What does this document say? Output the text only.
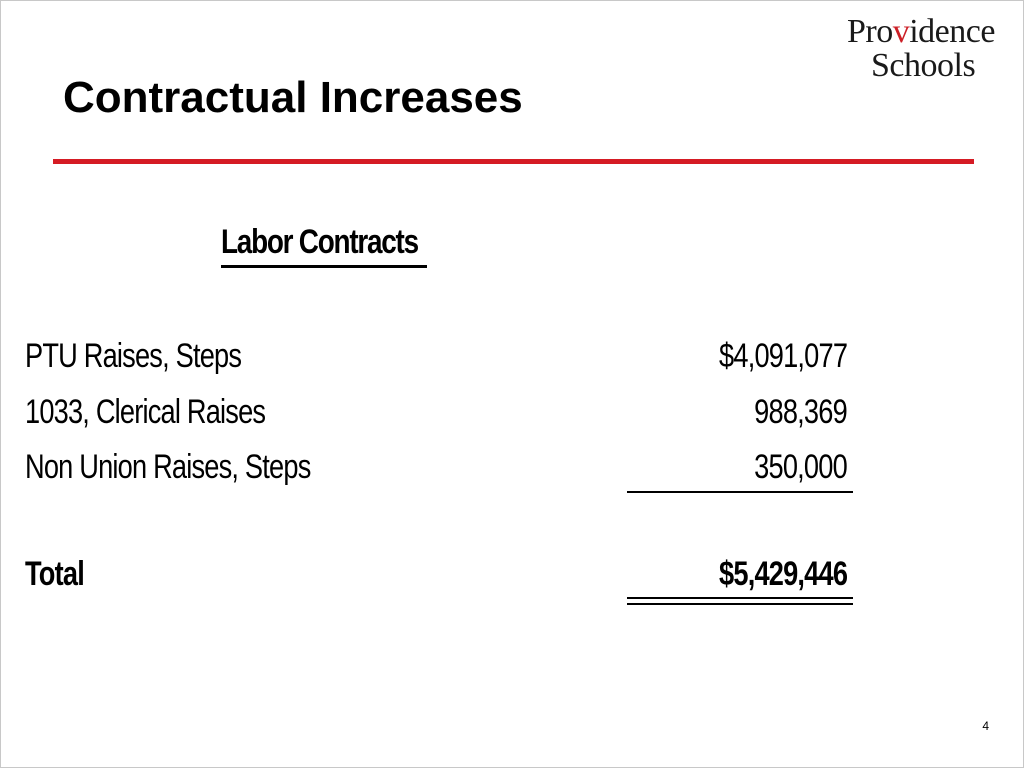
Providence
Schools
Contractual Increases
Labor Contracts
PTU Raises, Steps	$4,091,077
1033, Clerical Raises	988,369
Non Union Raises, Steps	350,000
Total	$5,429,446
4
